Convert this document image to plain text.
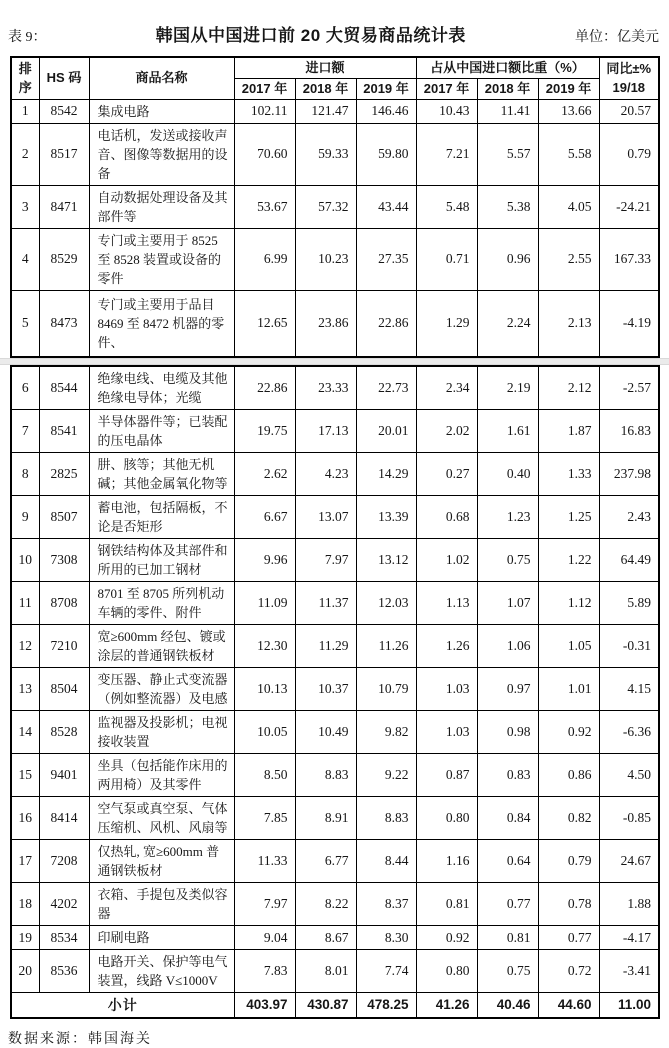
表 9：	韩国从中国进口前 20 大贸易商品统计表	单位：亿美元
排
序	HS 码	商品名称	进口额			占从中国进口额比重（%）			同比±%
19/18

			2017 年	2018 年	2019 年	2017 年	2018 年	2019 年	
1	8542	集成电路	102.11	121.47	146.46	10.43	11.41	13.66	20.57
2	8517	电话机，发送或接收声音、图像等数据用的设备	70.60	59.33	59.80	7.21	5.57	5.58	0.79
3	8471	自动数据处理设备及其部件等	53.67	57.32	43.44	5.48	5.38	4.05	-24.21
4	8529	专门或主要用于 8525 至 8528 装置或设备的零件	6.99	10.23	27.35	0.71	0.96	2.55	167.33
5	8473	专门或主要用于品目 8469 至 8472 机器的零件、	12.65	23.86	22.86	1.29	2.24	2.13	-4.19
6	8544	绝缘电线、电缆及其他绝缘电导体；光缆	22.86	23.33	22.73	2.34	2.19	2.12	-2.57
7	8541	半导体器件等；已装配的压电晶体	19.75	17.13	20.01	2.02	1.61	1.87	16.83
8	2825	肼、胲等；其他无机碱；其他金属氧化物等	2.62	4.23	14.29	0.27	0.40	1.33	237.98
9	8507	蓄电池，包括隔板，不论是否矩形	6.67	13.07	13.39	0.68	1.23	1.25	2.43
10	7308	钢铁结构体及其部件和所用的已加工钢材	9.96	7.97	13.12	1.02	0.75	1.22	64.49
11	8708	8701 至 8705 所列机动车辆的零件、附件	11.09	11.37	12.03	1.13	1.07	1.12	5.89
12	7210	宽≥600mm 经包、镀或涂层的普通钢铁板材	12.30	11.29	11.26	1.26	1.06	1.05	-0.31
13	8504	变压器、静止式变流器（例如整流器）及电感	10.13	10.37	10.79	1.03	0.97	1.01	4.15
14	8528	监视器及投影机；电视接收装置	10.05	10.49	9.82	1.03	0.98	0.92	-6.36
15	9401	坐具（包括能作床用的两用椅）及其零件	8.50	8.83	9.22	0.87	0.83	0.86	4.50
16	8414	空气泵或真空泵、气体压缩机、风机、风扇等	7.85	8.91	8.83	0.80	0.84	0.82	-0.85
17	7208	仅热轧, 宽≥600mm 普通钢铁板材	11.33	6.77	8.44	1.16	0.64	0.79	24.67
18	4202	衣箱、手提包及类似容器	7.97	8.22	8.37	0.81	0.77	0.78	1.88
19	8534	印刷电路	9.04	8.67	8.30	0.92	0.81	0.77	-4.17
20	8536	电路开关、保护等电气装置，线路 V≤1000V	7.83	8.01	7.74	0.80	0.75	0.72	-3.41
小计			403.97	430.87	478.25	41.26	40.46	44.60	11.00
数据来源：韩国海关
